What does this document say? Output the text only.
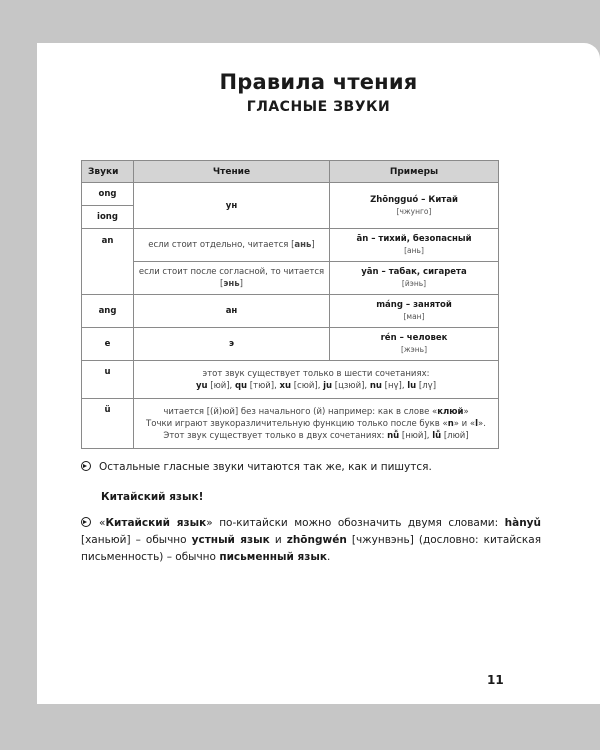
Правила чтения
ГЛАСНЫЕ ЗВУКИ
Звуки	Чтение	Примеры
ong	ун	Zhōngguó – Китай
[чжунго]

iong		
an	если стоит отдельно, читается [ань]	ān – тихий, безопасный
[ань]

	если стоит после согласной, то читается [энь]	yān – табак, сигарета
[йэнь]

ang	ан	máng – занятой
[ман]

e	э	rén – человек
[жэнь]

u	этот звук существует только в шести сочетаниях:
yu [юй], qu [тюй], xu [сюй], ju [цзюй], nu [нү], lu [лү]	

ü	читается [(й)юй] без начального (й) например: как в слове «клюй»
Точки играют звукоразличительную функцию только после букв «n» и «l».
Этот звук существует только в двух сочетаниях: nǚ [нюй], lǚ [люй]	
Остальные гласные звуки читаются так же, как и пишутся.
Китайский язык!
«Китайский язык» по-китайски можно обозначить двумя словами: hànyǔ [ханьюй] – обычно устный язык и zhōngwén [чжунвэнь] (дословно: китайская письменность) – обычно письменный язык.
11
